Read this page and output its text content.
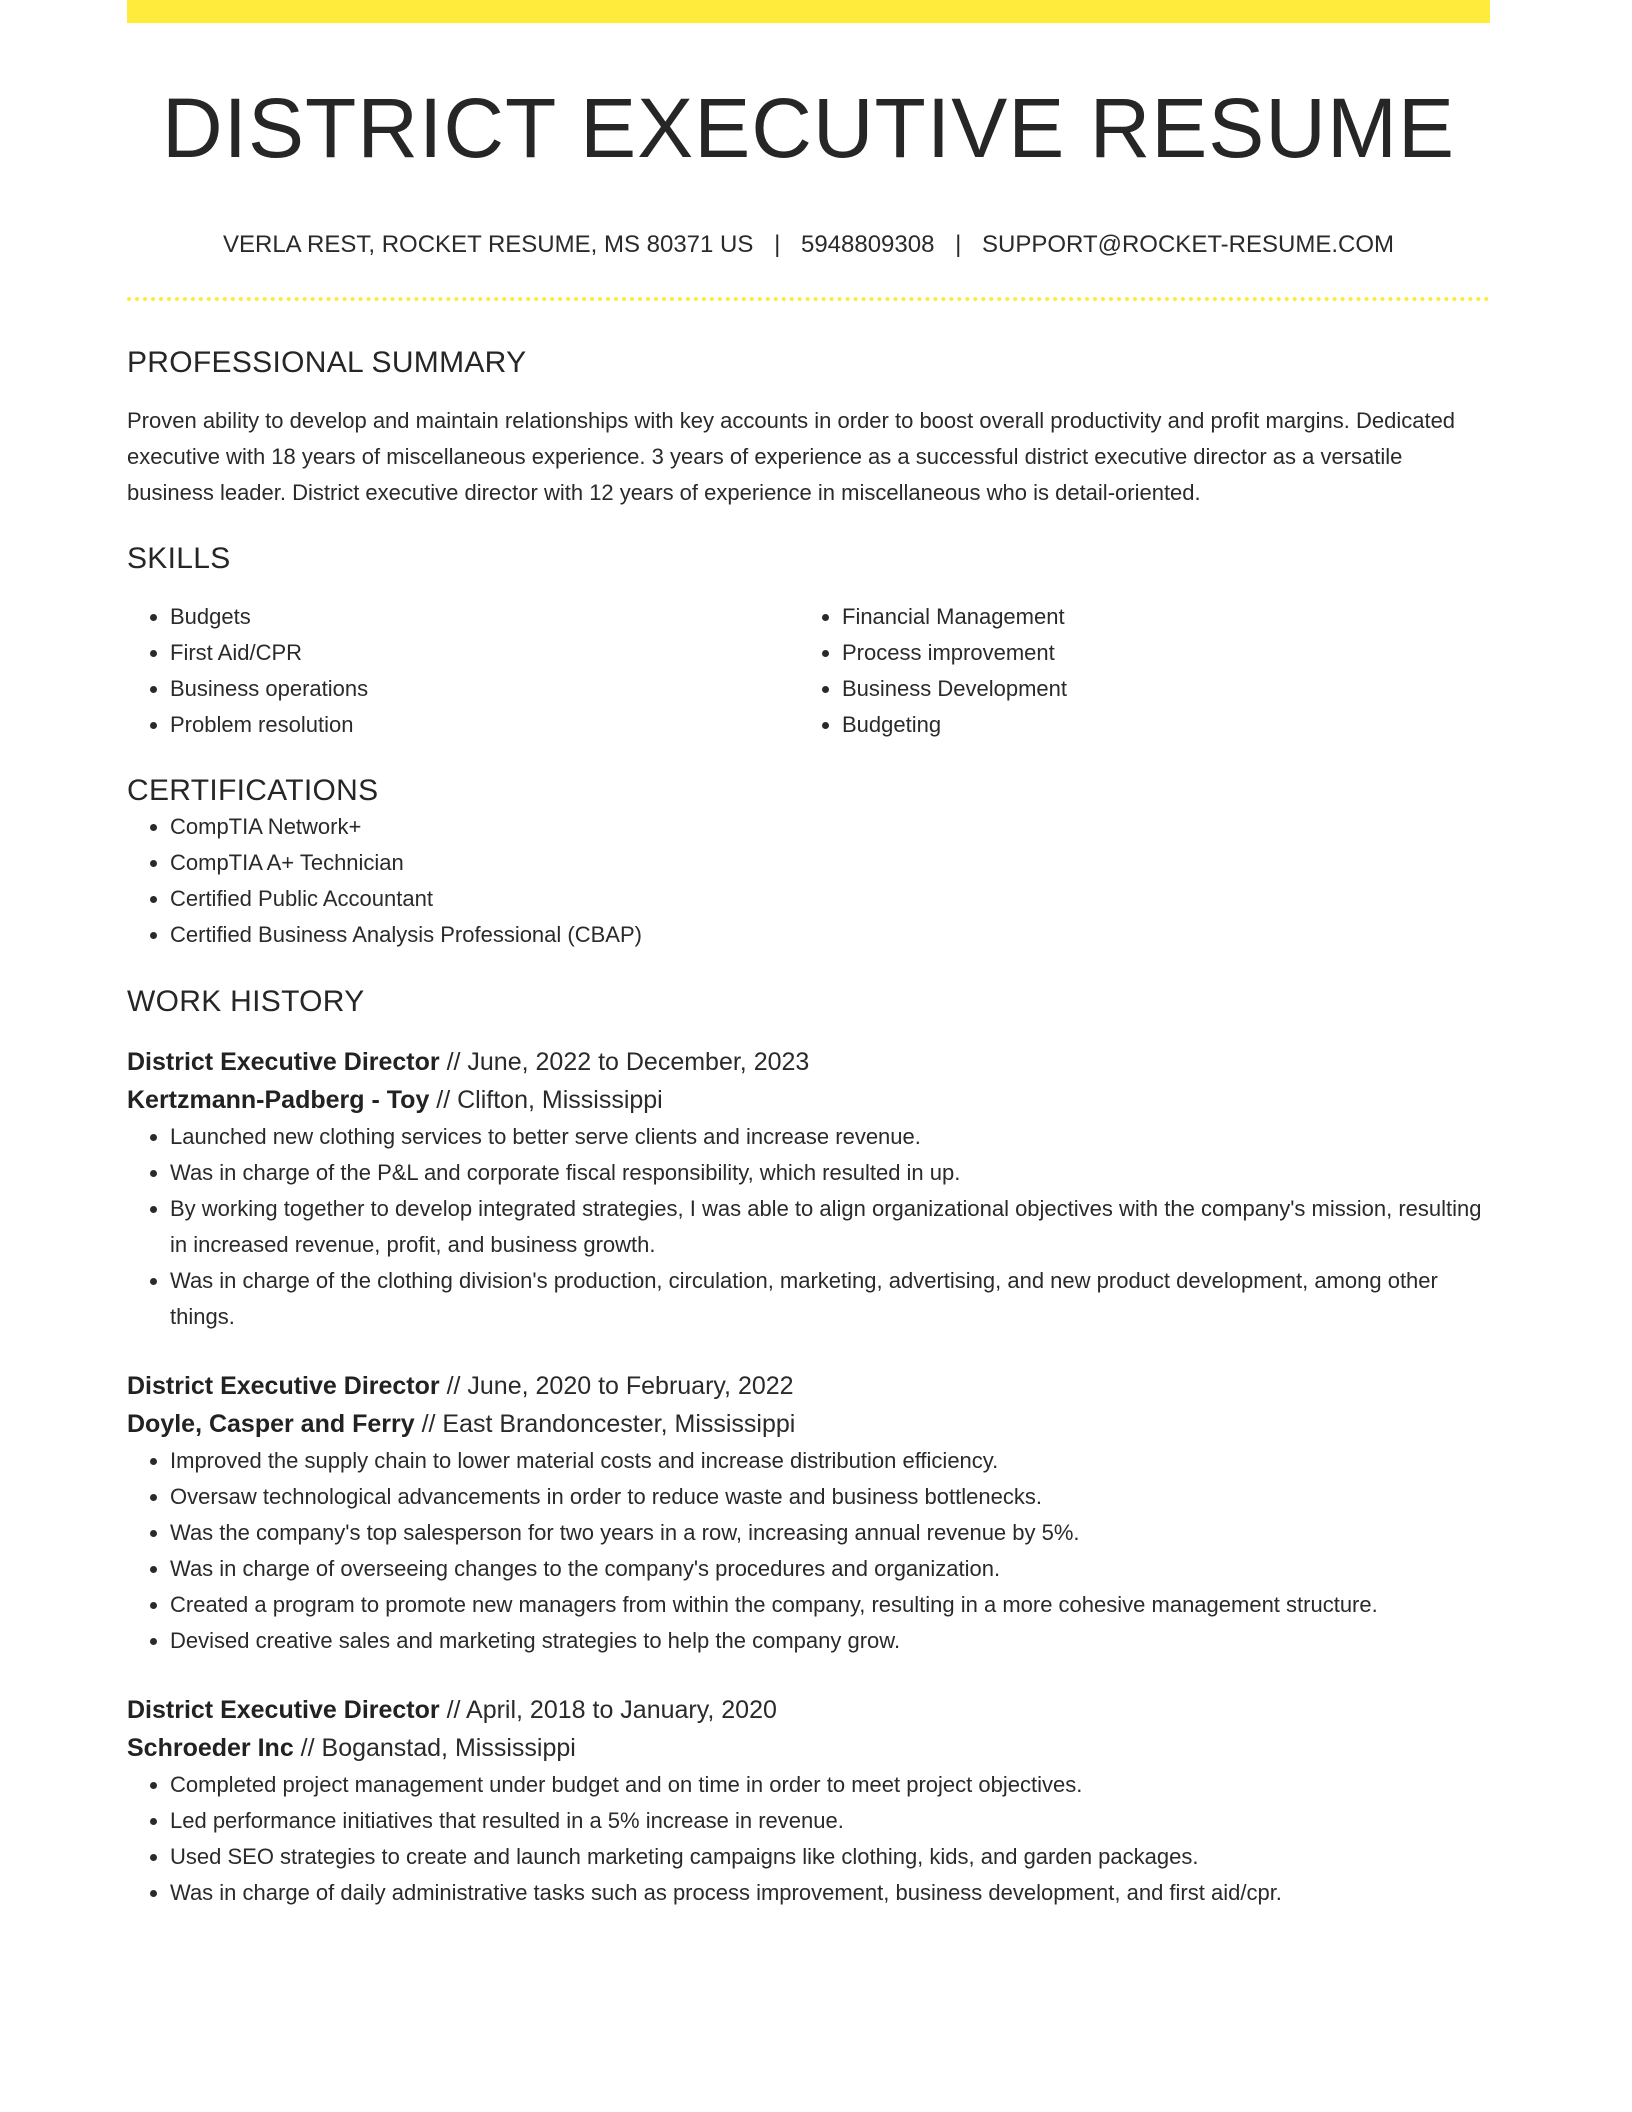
DISTRICT EXECUTIVE RESUME
VERLA REST, ROCKET RESUME, MS 80371 US | 5948809308 | SUPPORT@ROCKET-RESUME.COM
PROFESSIONAL SUMMARY
Proven ability to develop and maintain relationships with key accounts in order to boost overall productivity and profit margins. Dedicated executive with 18 years of miscellaneous experience. 3 years of experience as a successful district executive director as a versatile business leader. District executive director with 12 years of experience in miscellaneous who is detail-oriented.
SKILLS
• Budgets
• First Aid/CPR
• Business operations
• Problem resolution
• Financial Management
• Process improvement
• Business Development
• Budgeting
CERTIFICATIONS
• CompTIA Network+
• CompTIA A+ Technician
• Certified Public Accountant
• Certified Business Analysis Professional (CBAP)
WORK HISTORY
District Executive Director // June, 2022 to December, 2023
Kertzmann-Padberg - Toy // Clifton, Mississippi
• Launched new clothing services to better serve clients and increase revenue.
• Was in charge of the P&L and corporate fiscal responsibility, which resulted in up.
• By working together to develop integrated strategies, I was able to align organizational objectives with the company's mission, resulting in increased revenue, profit, and business growth.
• Was in charge of the clothing division's production, circulation, marketing, advertising, and new product development, among other things.
District Executive Director // June, 2020 to February, 2022
Doyle, Casper and Ferry // East Brandoncester, Mississippi
• Improved the supply chain to lower material costs and increase distribution efficiency.
• Oversaw technological advancements in order to reduce waste and business bottlenecks.
• Was the company's top salesperson for two years in a row, increasing annual revenue by 5%.
• Was in charge of overseeing changes to the company's procedures and organization.
• Created a program to promote new managers from within the company, resulting in a more cohesive management structure.
• Devised creative sales and marketing strategies to help the company grow.
District Executive Director // April, 2018 to January, 2020
Schroeder Inc // Boganstad, Mississippi
• Completed project management under budget and on time in order to meet project objectives.
• Led performance initiatives that resulted in a 5% increase in revenue.
• Used SEO strategies to create and launch marketing campaigns like clothing, kids, and garden packages.
• Was in charge of daily administrative tasks such as process improvement, business development, and first aid/cpr.
